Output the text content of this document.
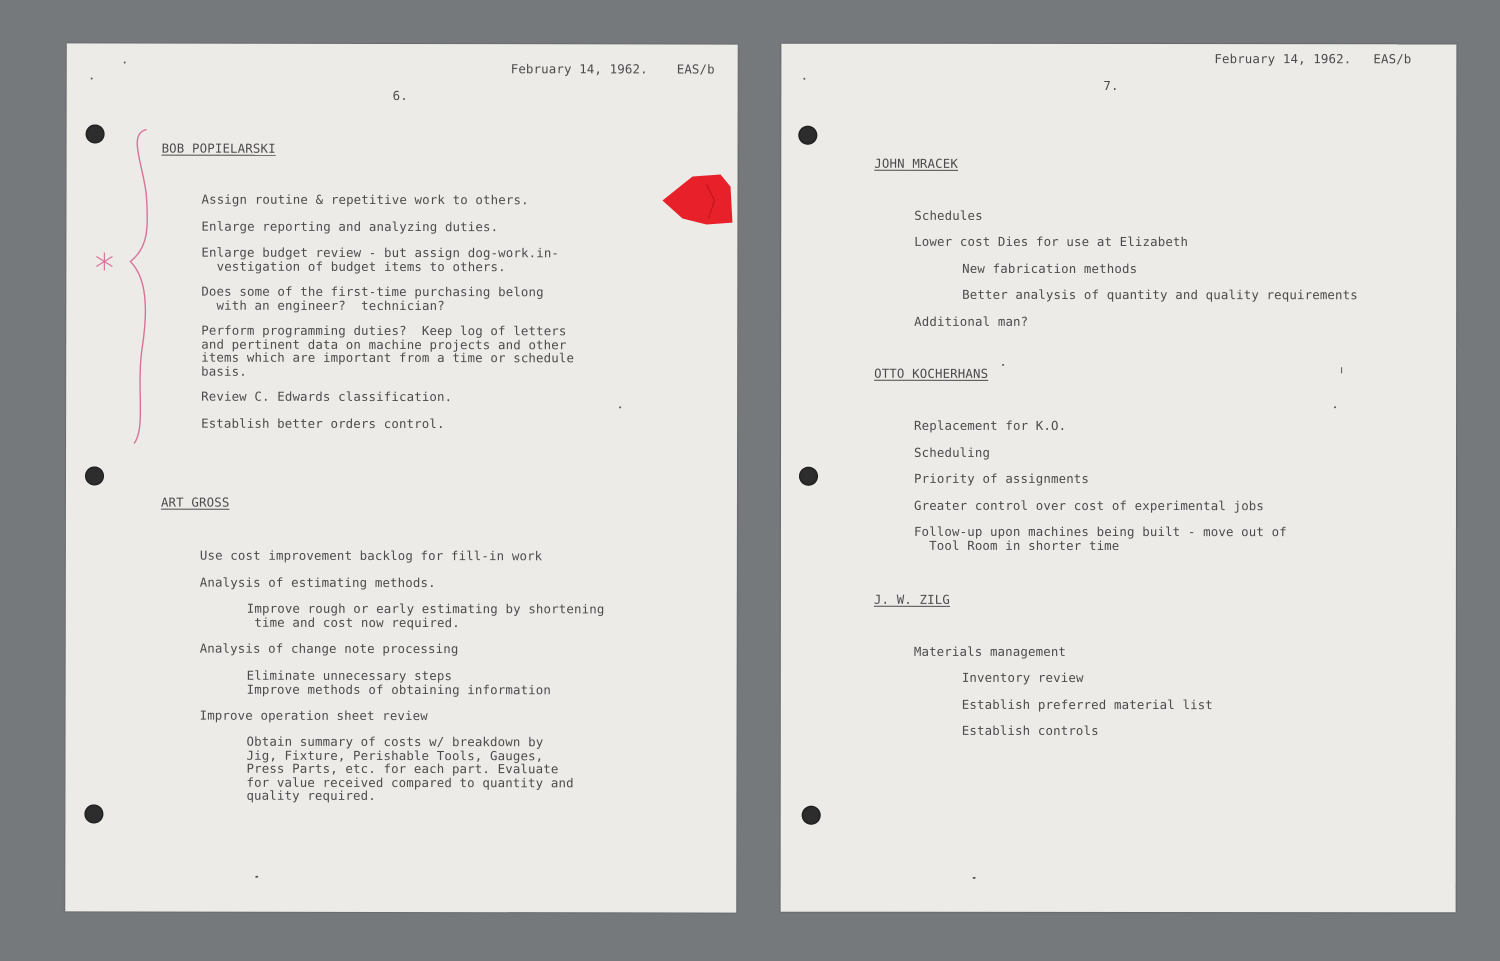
February 14, 1962. EAS/b
6.
BOB POPIELARSKI
Assign routine & repetitive work to others.
Enlarge reporting and analyzing duties.
Enlarge budget review - but assign dog-work.in-
vestigation of budget items to others.
Does some of the first-time purchasing belong
with an engineer?  technician?
Perform programming duties?  Keep log of letters
and pertinent data on machine projects and other
items which are important from a time or schedule
basis.
Review C. Edwards classification.
Establish better orders control.
ART GROSS
Use cost improvement backlog for fill-in work
Analysis of estimating methods.
Improve rough or early estimating by shortening
time and cost now required.
Analysis of change note processing
Eliminate unnecessary steps
Improve methods of obtaining information
Improve operation sheet review
Obtain summary of costs w/ breakdown by
Jig, Fixture, Perishable Tools, Gauges,
Press Parts, etc. for each part. Evaluate
for value received compared to quantity and
quality required.
February 14, 1962. EAS/b
7.
JOHN MRACEK
Schedules
Lower cost Dies for use at Elizabeth
New fabrication methods
Better analysis of quantity and quality requirements
Additional man?
OTTO KOCHERHANS
Replacement for K.O.
Scheduling
Priority of assignments
Greater control over cost of experimental jobs
Follow-up upon machines being built - move out of
Tool Room in shorter time
J. W. ZILG
Materials management
Inventory review
Establish preferred material list
Establish controls
